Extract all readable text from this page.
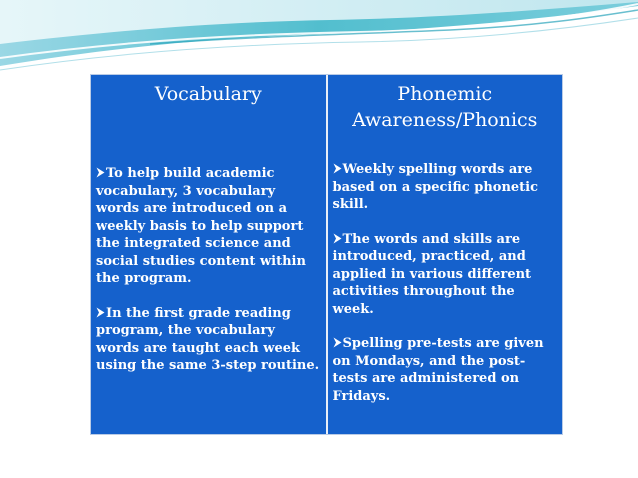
Vocabulary
To help build academic vocabulary, 3 vocabulary words are introduced on a weekly basis to help support the integrated science and social studies content within the program.
In the first grade reading program, the vocabulary words are taught each week using the same 3-step routine.
Phonemic Awareness/Phonics
Weekly spelling words are based on a specific phonetic skill.
The words and skills are introduced, practiced, and applied in various different activities throughout the week.
Spelling pre-tests are given on Mondays, and the post-tests are administered on Fridays.
